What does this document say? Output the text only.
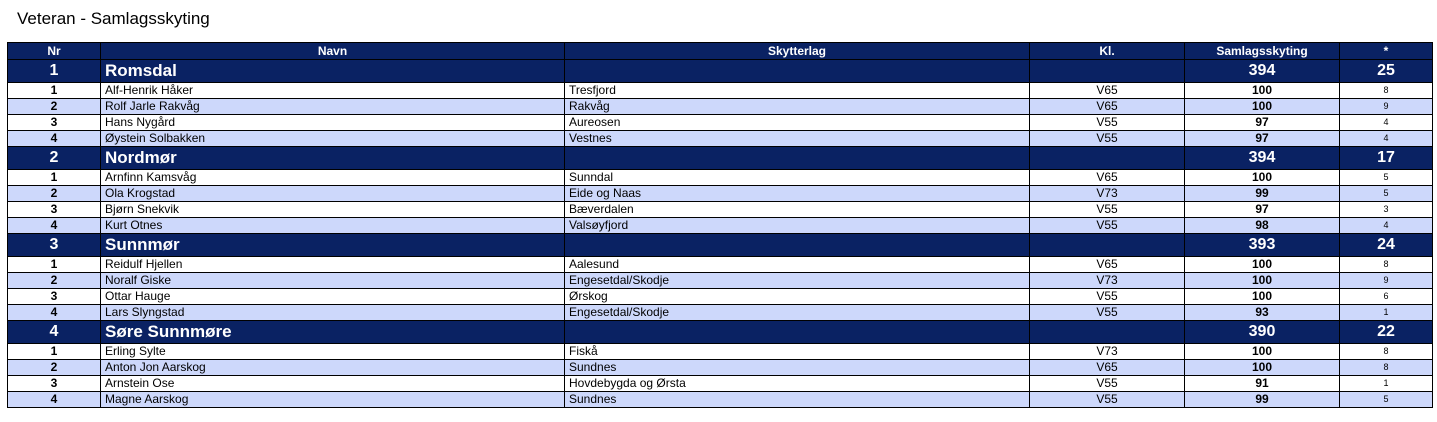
Veteran - Samlagsskyting
Nr	Navn	Skytterlag	Kl.	Samlagsskyting	*
1	Romsdal			394	25
1	Alf-Henrik Håker	Tresfjord	V65	100	8
2	Rolf Jarle Rakvåg	Rakvåg	V65	100	9
3	Hans Nygård	Aureosen	V55	97	4
4	Øystein Solbakken	Vestnes	V55	97	4
2	Nordmør			394	17
1	Arnfinn Kamsvåg	Sunndal	V65	100	5
2	Ola Krogstad	Eide og Naas	V73	99	5
3	Bjørn Snekvik	Bæverdalen	V55	97	3
4	Kurt Otnes	Valsøyfjord	V55	98	4
3	Sunnmør			393	24
1	Reidulf Hjellen	Aalesund	V65	100	8
2	Noralf Giske	Engesetdal/Skodje	V73	100	9
3	Ottar Hauge	Ørskog	V55	100	6
4	Lars Slyngstad	Engesetdal/Skodje	V55	93	1
4	Søre Sunnmøre			390	22
1	Erling Sylte	Fiskå	V73	100	8
2	Anton Jon Aarskog	Sundnes	V65	100	8
3	Arnstein Ose	Hovdebygda og Ørsta	V55	91	1
4	Magne Aarskog	Sundnes	V55	99	5
